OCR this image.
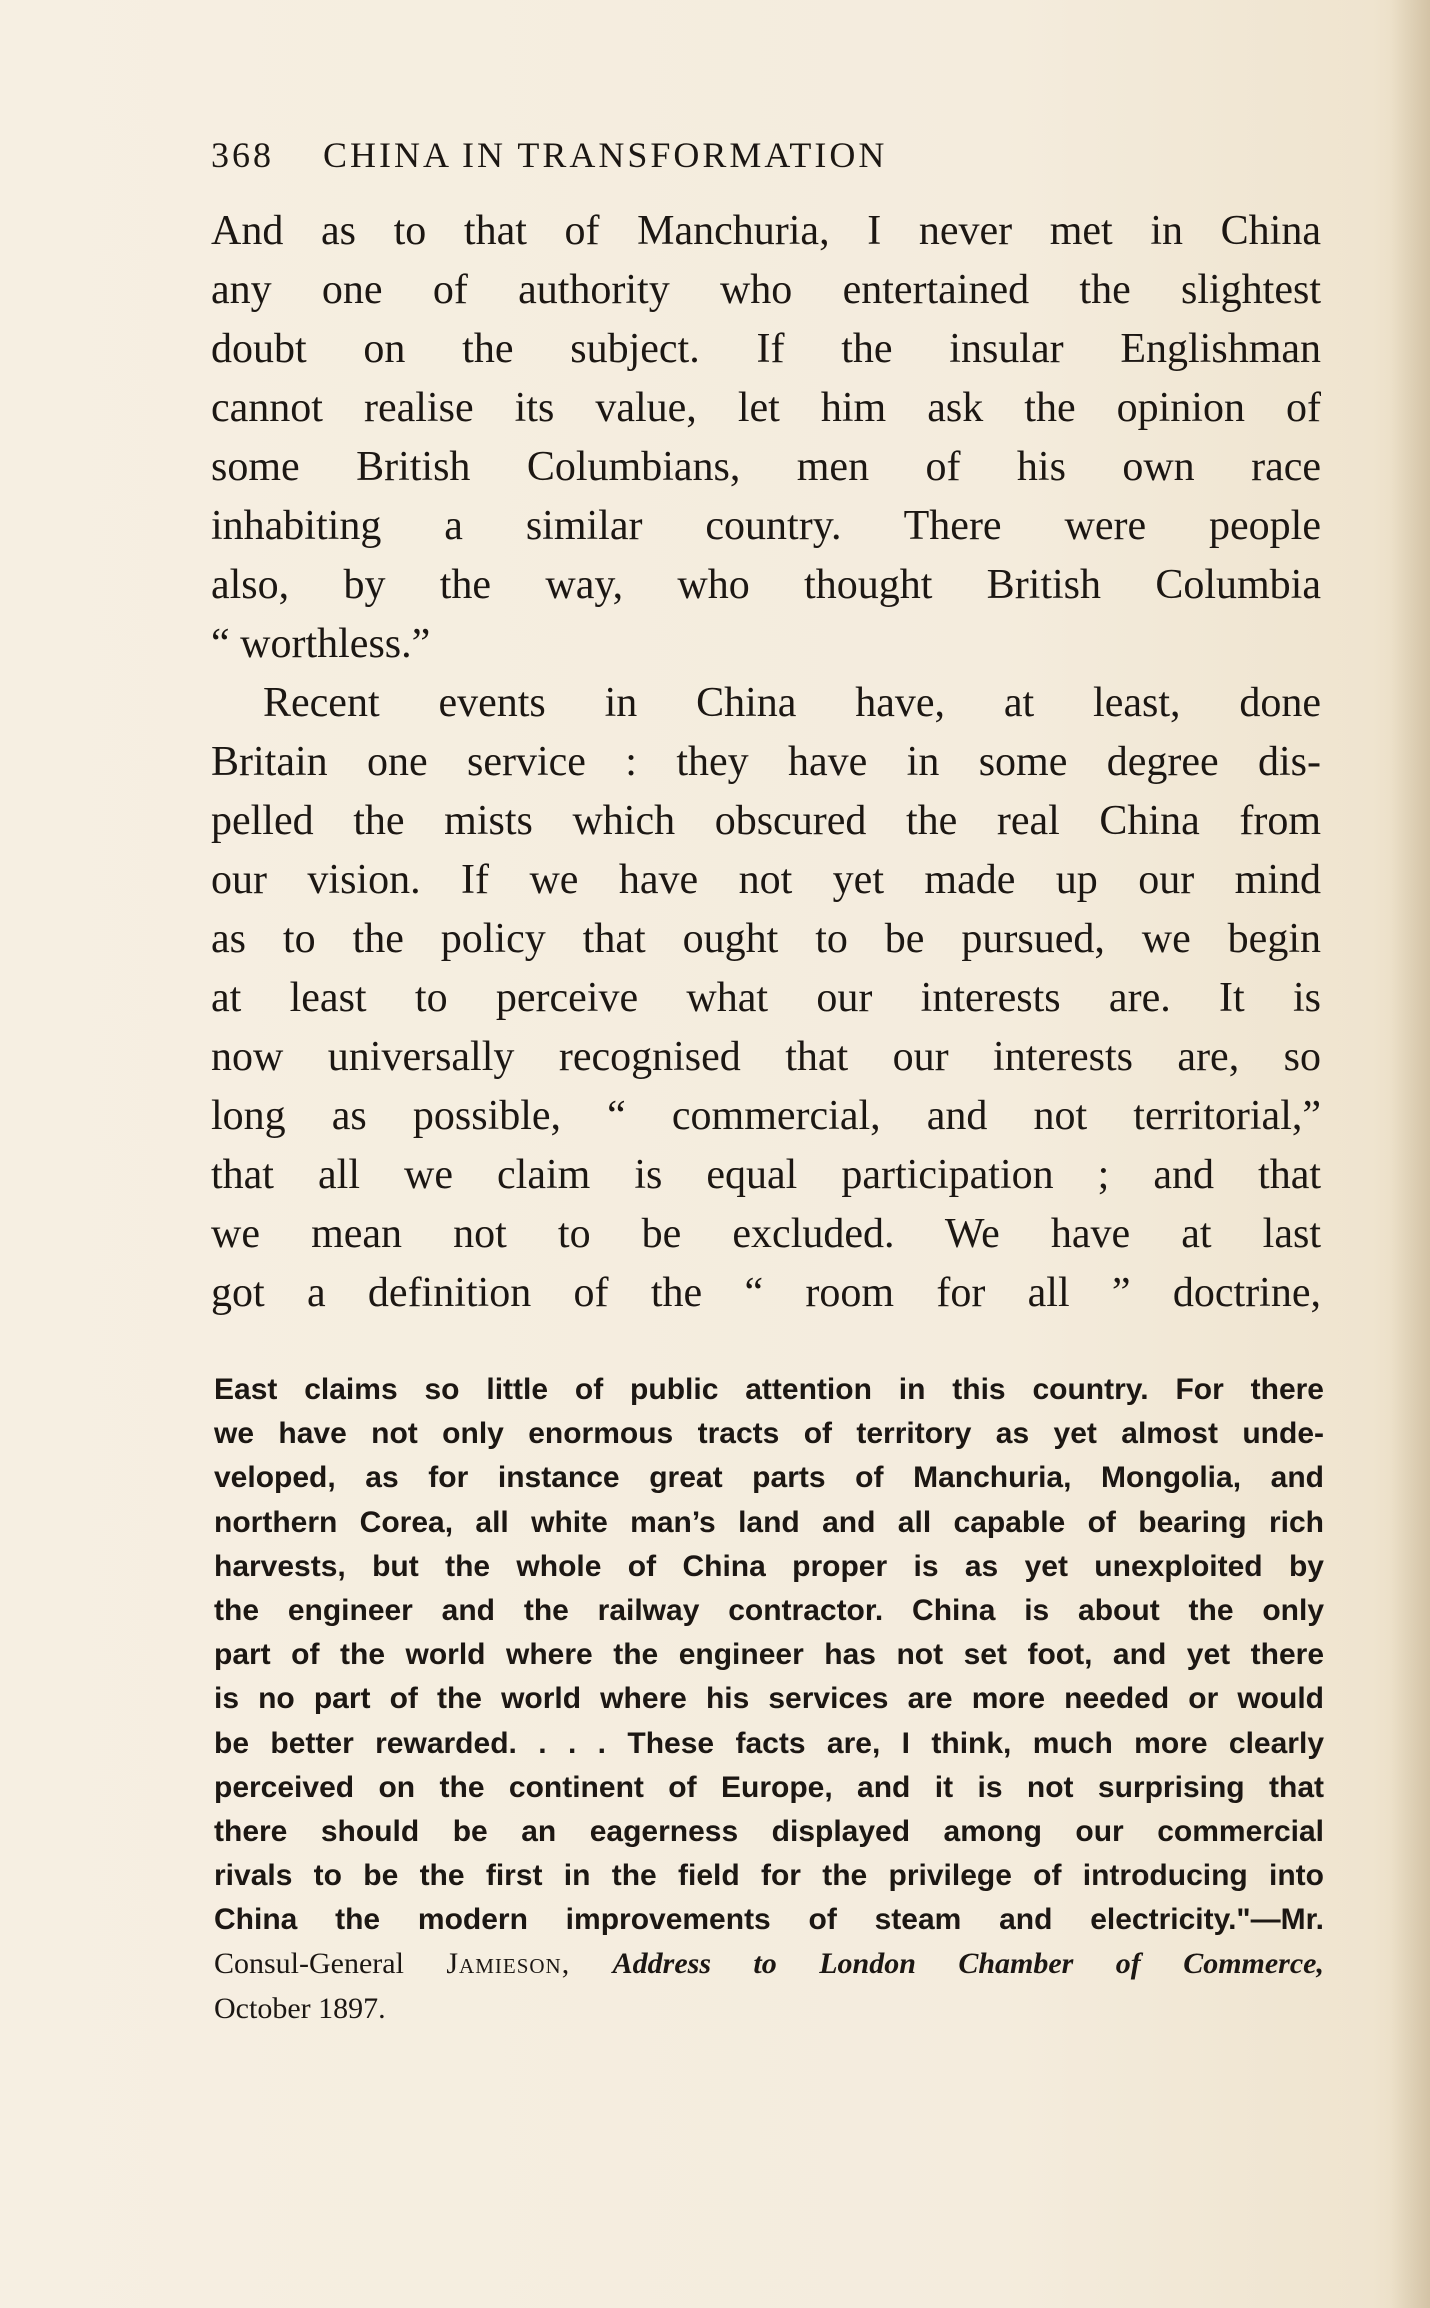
368 CHINA IN TRANSFORMATION
And as to that of Manchuria, I never met in China
any one of authority who entertained the slightest
doubt on the subject. If the insular Englishman
cannot realise its value, let him ask the opinion of
some British Columbians, men of his own race
inhabiting a similar country. There were people
also, by the way, who thought British Columbia
“ worthless.”
Recent events in China have, at least, done
Britain one service : they have in some degree dis-
pelled the mists which obscured the real China from
our vision. If we have not yet made up our mind
as to the policy that ought to be pursued, we begin
at least to perceive what our interests are. It is
now universally recognised that our interests are, so
long as possible, “ commercial, and not territorial,”
that all we claim is equal participation ; and that
we mean not to be excluded. We have at last
got a definition of the “ room for all ” doctrine,
East claims so little of public attention in this country. For there
we have not only enormous tracts of territory as yet almost unde-
veloped, as for instance great parts of Manchuria, Mongolia, and
northern Corea, all white man’s land and all capable of bearing rich
harvests, but the whole of China proper is as yet unexploited by
the engineer and the railway contractor. China is about the only
part of the world where the engineer has not set foot, and yet there
is no part of the world where his services are more needed or would
be better rewarded. . . . These facts are, I think, much more clearly
perceived on the continent of Europe, and it is not surprising that
there should be an eagerness displayed among our commercial
rivals to be the first in the field for the privilege of introducing into
China the modern improvements of steam and electricity."—Mr.
Consul-General Jamieson, Address to London Chamber of Commerce,
October 1897.
